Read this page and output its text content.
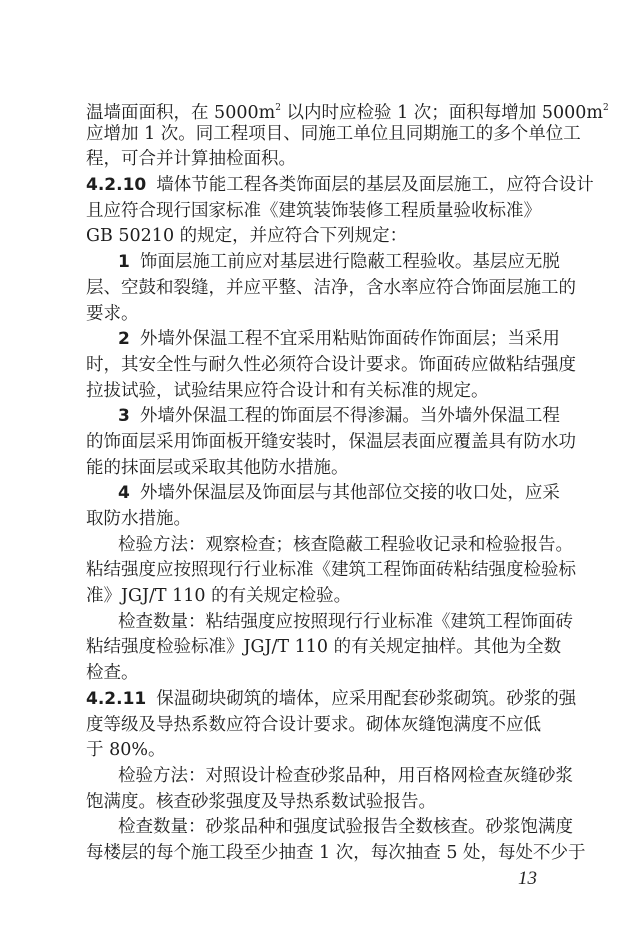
温墙面面积，在 $5000m^2$ 以内时应检验 1 次；面积每增加 $5000m^2$
应增加 1 次。同工程项目、同施工单位且同期施工的多个单位工
程，可合并计算抽检面积。
4.2.10 墙体节能工程各类饰面层的基层及面层施工，应符合设计
且应符合现行国家标准《建筑装饰装修工程质量验收标准》
GB 50210 的规定，并应符合下列规定：
1 饰面层施工前应对基层进行隐蔽工程验收。基层应无脱
层、空鼓和裂缝，并应平整、洁净，含水率应符合饰面层施工的
要求。
2 外墙外保温工程不宜采用粘贴饰面砖作饰面层；当采用
时，其安全性与耐久性必须符合设计要求。饰面砖应做粘结强度
拉拔试验，试验结果应符合设计和有关标准的规定。
3 外墙外保温工程的饰面层不得渗漏。当外墙外保温工程
的饰面层采用饰面板开缝安装时，保温层表面应覆盖具有防水功
能的抹面层或采取其他防水措施。
4 外墙外保温层及饰面层与其他部位交接的收口处，应采
取防水措施。
检验方法：观察检查；核查隐蔽工程验收记录和检验报告。
粘结强度应按照现行行业标准《建筑工程饰面砖粘结强度检验标
准》JGJ/T 110 的有关规定检验。
检查数量：粘结强度应按照现行行业标准《建筑工程饰面砖
粘结强度检验标准》JGJ/T 110 的有关规定抽样。其他为全数
检查。
4.2.11 保温砌块砌筑的墙体，应采用配套砂浆砌筑。砂浆的强
度等级及导热系数应符合设计要求。砌体灰缝饱满度不应低
于 80%。
检验方法：对照设计检查砂浆品种，用百格网检查灰缝砂浆
饱满度。核查砂浆强度及导热系数试验报告。
检查数量：砂浆品种和强度试验报告全数核查。砂浆饱满度
每楼层的每个施工段至少抽查 1 次，每次抽查 5 处，每处不少于
13
